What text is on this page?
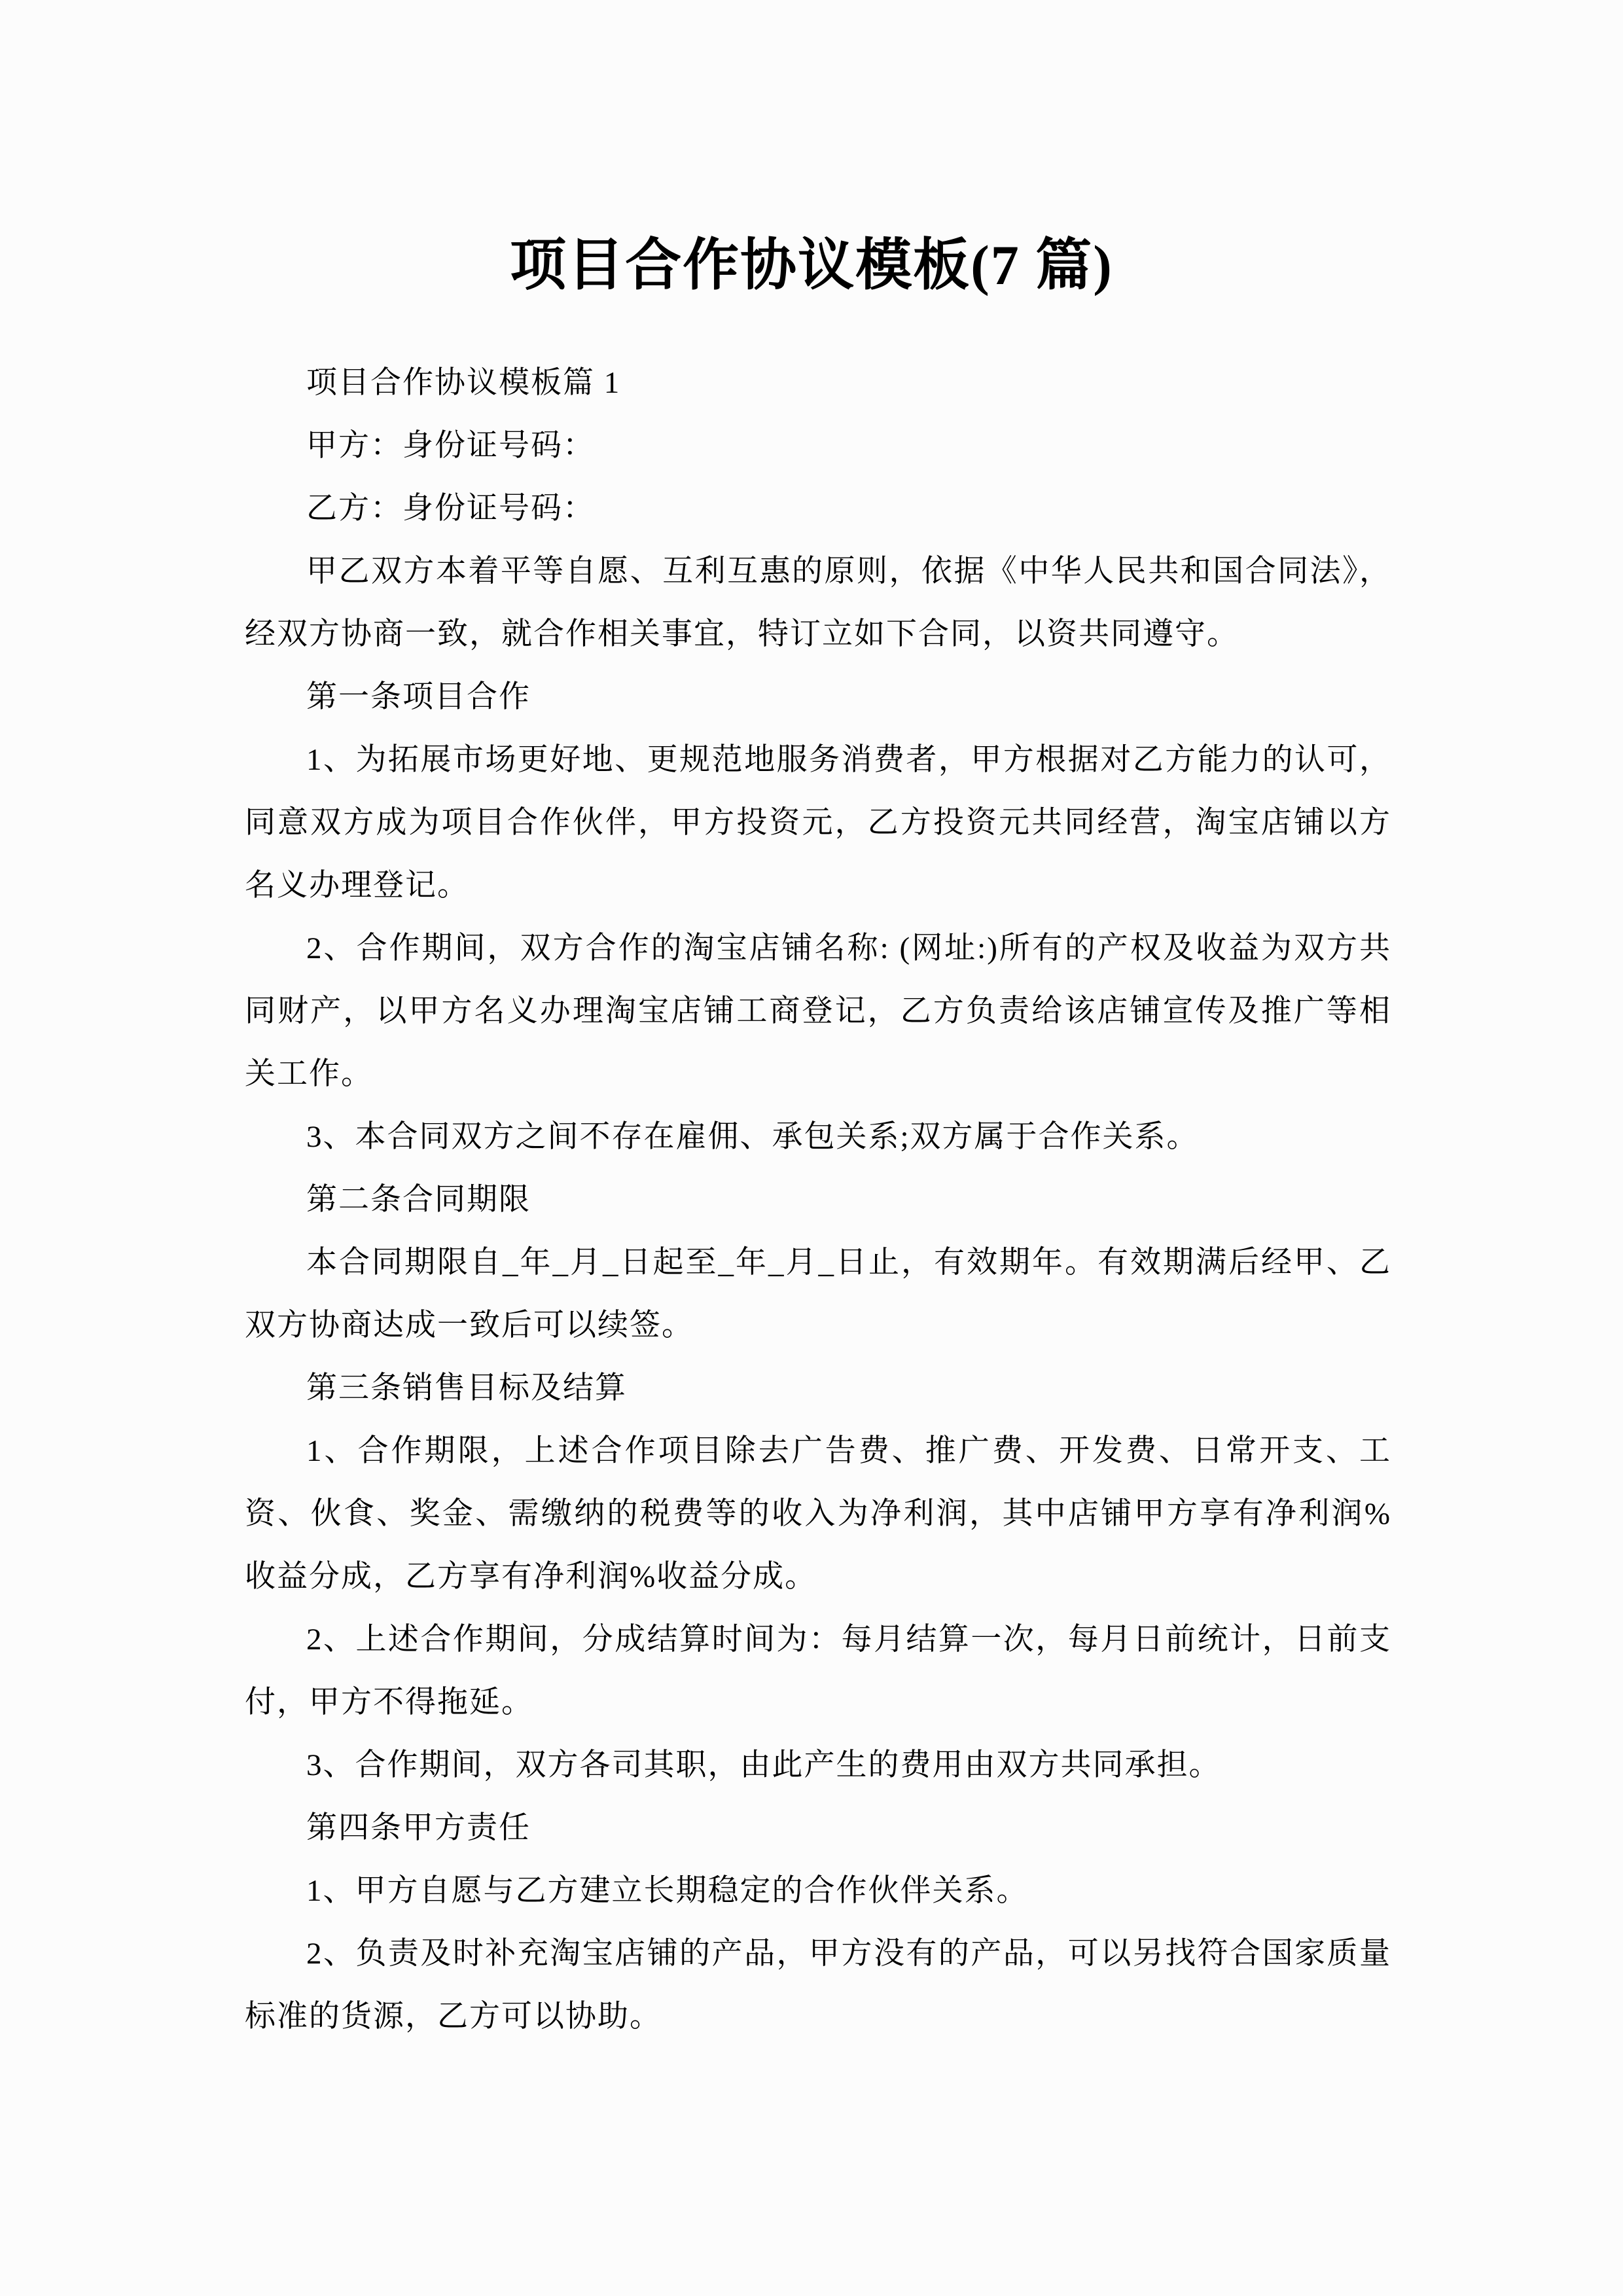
项目合作协议模板(7 篇)

项目合作协议模板篇 1

甲方：身份证号码：

乙方：身份证号码：

甲乙双方本着平等自愿、互利互惠的原则，依据《中华人民共和国合同法》，经双方协商一致，就合作相关事宜，特订立如下合同，以资共同遵守。

第一条项目合作

1、为拓展市场更好地、更规范地服务消费者，甲方根据对乙方能力的认可，同意双方成为项目合作伙伴，甲方投资元，乙方投资元共同经营，淘宝店铺以方名义办理登记。

2、合作期间，双方合作的淘宝店铺名称: (网址:)所有的产权及收益为双方共同财产，以甲方名义办理淘宝店铺工商登记，乙方负责给该店铺宣传及推广等相关工作。

3、本合同双方之间不存在雇佣、承包关系;双方属于合作关系。

第二条合同期限

本合同期限自_年_月_日起至_年_月_日止，有效期年。有效期满后经甲、乙双方协商达成一致后可以续签。

第三条销售目标及结算

1、合作期限，上述合作项目除去广告费、推广费、开发费、日常开支、工资、伙食、奖金、需缴纳的税费等的收入为净利润，其中店铺甲方享有净利润%收益分成，乙方享有净利润%收益分成。

2、上述合作期间，分成结算时间为：每月结算一次，每月日前统计，日前支付，甲方不得拖延。

3、合作期间，双方各司其职，由此产生的费用由双方共同承担。

第四条甲方责任

1、甲方自愿与乙方建立长期稳定的合作伙伴关系。

2、负责及时补充淘宝店铺的产品，甲方没有的产品，可以另找符合国家质量标准的货源，乙方可以协助。
